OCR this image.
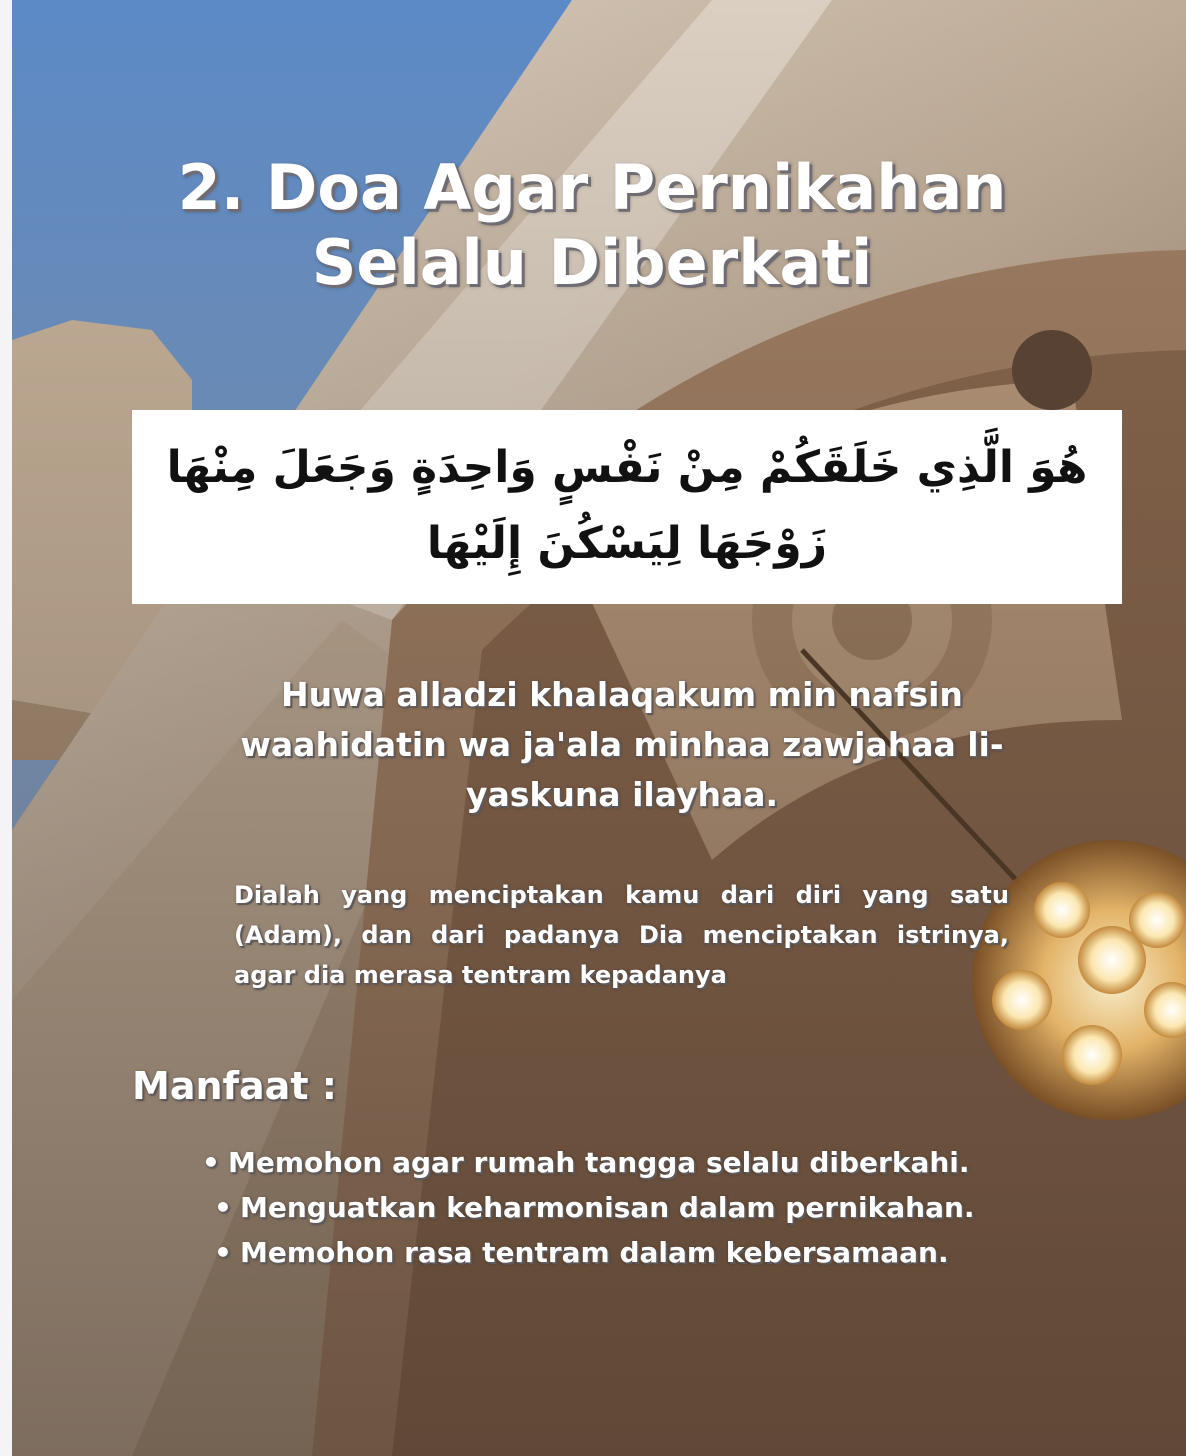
2. Doa Agar Pernikahan
Selalu Diberkati
هُوَ الَّذِي خَلَقَكُمْ مِنْ نَفْسٍ وَاحِدَةٍ وَجَعَلَ مِنْهَا
زَوْجَهَا لِيَسْكُنَ إِلَيْهَا
Huwa alladzi khalaqakum min nafsin
waahidatin wa ja'ala minhaa zawjahaa li-
yaskuna ilayhaa.
Dialah yang menciptakan kamu dari diri yang satu (Adam), dan dari padanya Dia menciptakan istrinya, agar dia merasa tentram kepadanya
Manfaat :
• Memohon agar rumah tangga selalu diberkahi.
• Menguatkan keharmonisan dalam pernikahan.
• Memohon rasa tentram dalam kebersamaan.
